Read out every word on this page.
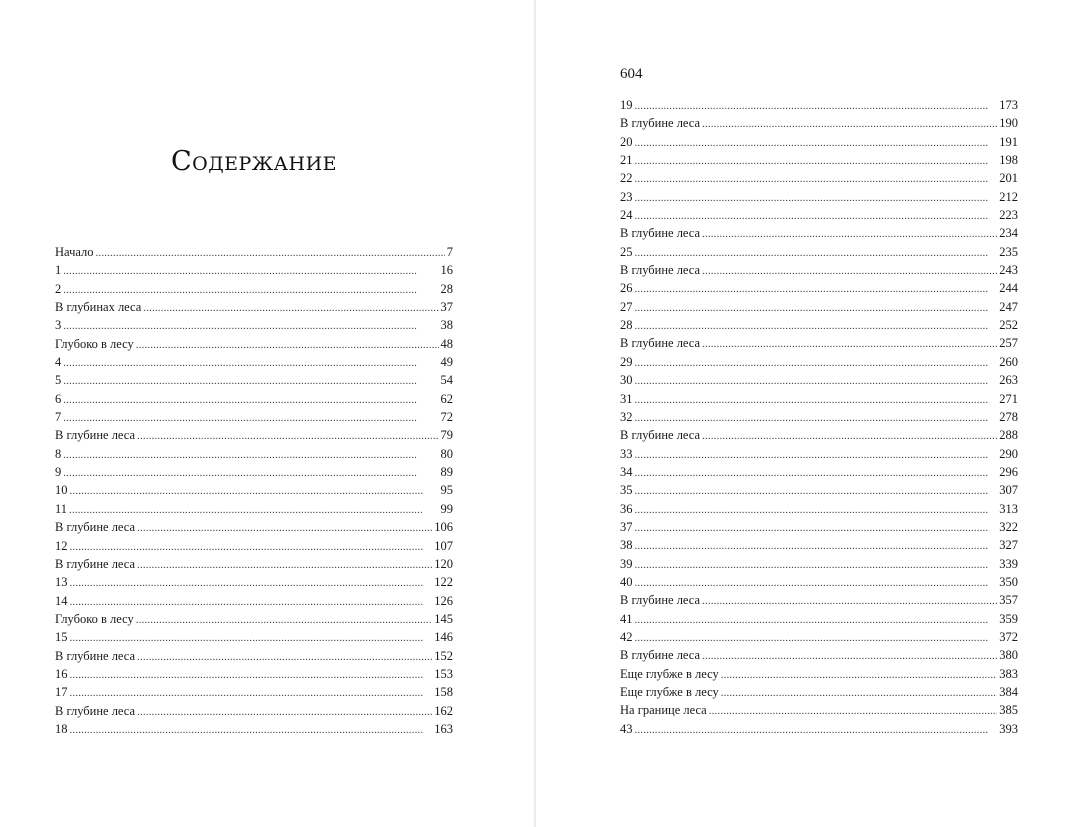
Содержание
Начало . . .	7
1 . . .	16
2 . . .	28
В глубинах леса . . .	37
3 . . .	38
Глубоко в лесу . . .	48
4 . . .	49
5 . . .	54
6 . . .	62
7 . . .	72
В глубине леса . . .	79
8 . . .	80
9 . . .	89
10 . . .	95
11 . . .	99
В глубине леса . . .	106
12 . . .	107
В глубине леса . . .	120
13 . . .	122
14 . . .	126
Глубоко в лесу . . .	145
15 . . .	146
В глубине леса . . .	152
16 . . .	153
17 . . .	158
В глубине леса . . .	162
18 . . .	163
604
19 . . .	173
В глубине леса . . .	190
20 . . .	191
21 . . .	198
22 . . .	201
23 . . .	212
24 . . .	223
В глубине леса . . .	234
25 . . .	235
В глубине леса . . .	243
26 . . .	244
27 . . .	247
28 . . .	252
В глубине леса . . .	257
29 . . .	260
30 . . .	263
31 . . .	271
32 . . .	278
В глубине леса . . .	288
33 . . .	290
34 . . .	296
35 . . .	307
36 . . .	313
37 . . .	322
38 . . .	327
39 . . .	339
40 . . .	350
В глубине леса . . .	357
41 . . .	359
42 . . .	372
В глубине леса . . .	380
Еще глубже в лесу . . .	383
Еще глубже в лесу . . .	384
На границе леса . . .	385
43 . . .	393
